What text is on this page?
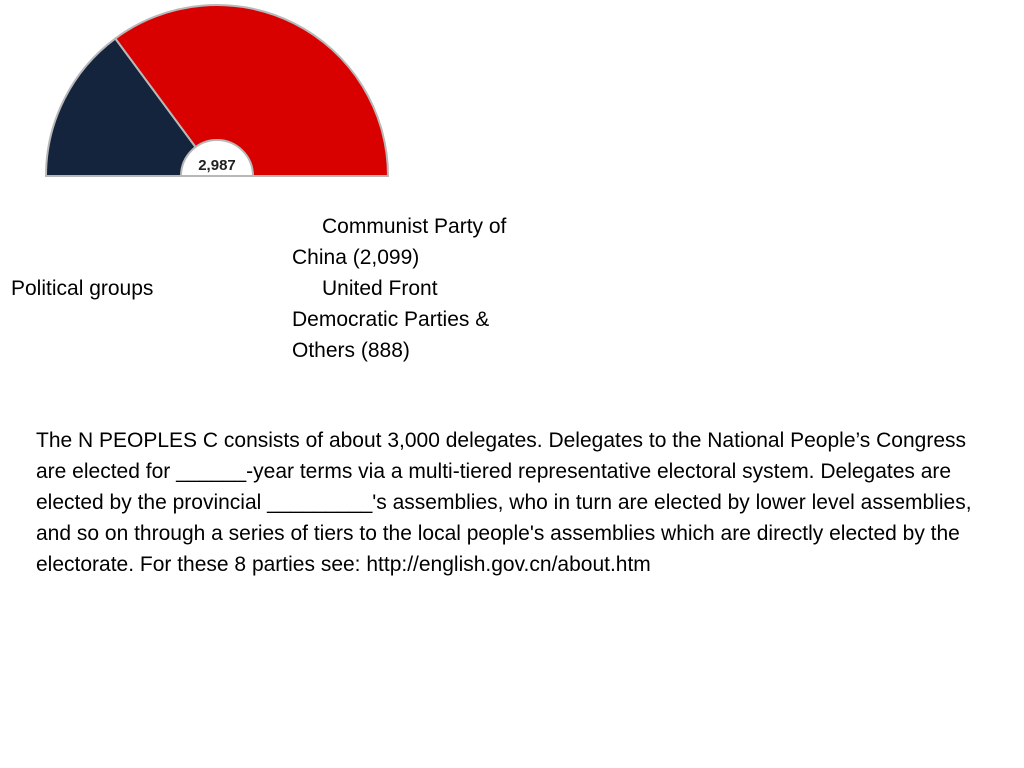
2,987
Political groups
Communist Party of China (2,099)
United Front Democratic Parties & Others (888)
The N PEOPLES C consists of about 3,000 delegates. Delegates to the National People’s Congress are elected for ______-year terms via a multi-tiered representative electoral system. Delegates are elected by the provincial _________'s assemblies, who in turn are elected by lower level assemblies, and so on through a series of tiers to the local people's assemblies which are directly elected by the electorate. For these 8 parties see: http://english.gov.cn/about.htm
